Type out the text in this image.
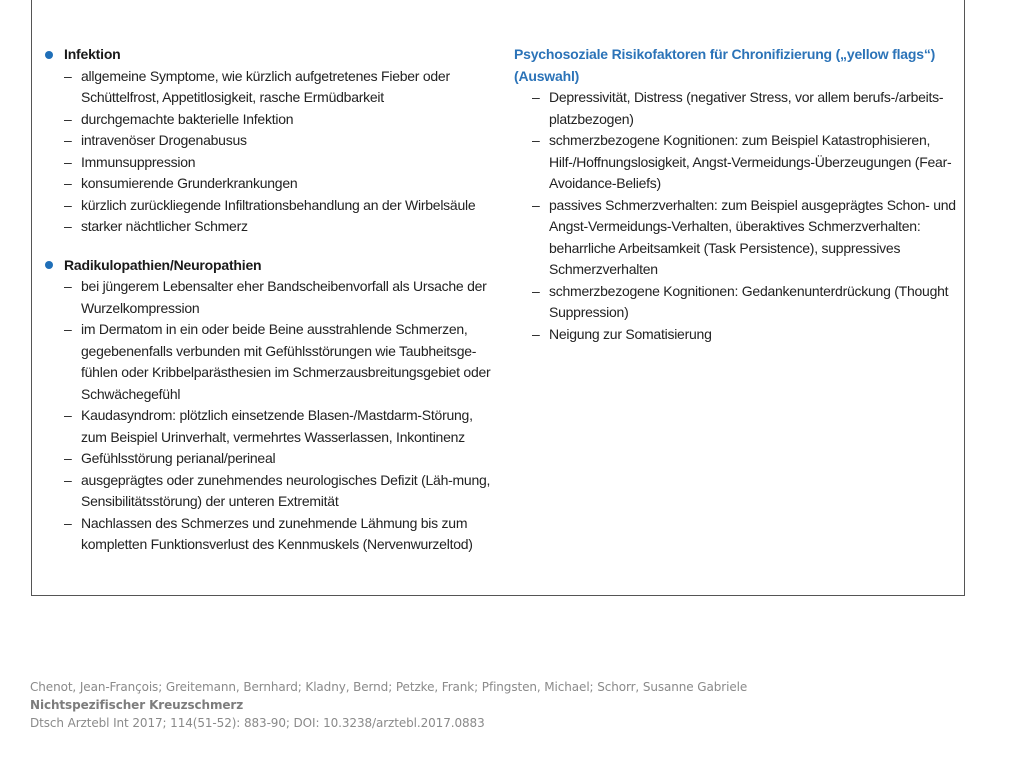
Infektion
– allgemeine Symptome, wie kürzlich aufgetretenes Fieber oder Schüttelfrost, Appetitlosigkeit, rasche Ermüdbarkeit
– durchgemachte bakterielle Infektion
– intravenöser Drogenabusus
– Immunsuppression
– konsumierende Grunderkrankungen
– kürzlich zurückliegende Infiltrationsbehandlung an der Wirbelsäule
– starker nächtlicher Schmerz
Radikulopathien/Neuropathien
– bei jüngerem Lebensalter eher Bandscheibenvorfall als Ursache der Wurzelkompression
– im Dermatom in ein oder beide Beine ausstrahlende Schmerzen, gegebenenfalls verbunden mit Gefühlsstörungen wie Taubheitsge-fühlen oder Kribbelparästhesien im Schmerzausbreitungsgebiet oder Schwächegefühl
– Kaudasyndrom: plötzlich einsetzende Blasen-/Mastdarm-Störung, zum Beispiel Urinverhalt, vermehrtes Wasserlassen, Inkontinenz
– Gefühlsstörung perianal/perineal
– ausgeprägtes oder zunehmendes neurologisches Defizit (Läh-mung, Sensibilitätsstörung) der unteren Extremität
– Nachlassen des Schmerzes und zunehmende Lähmung bis zum kompletten Funktionsverlust des Kennmuskels (Nervenwurzeltod)
Psychosoziale Risikofaktoren für Chronifizierung („yellow flags“) (Auswahl)
– Depressivität, Distress (negativer Stress, vor allem berufs-/arbeits-platzbezogen)
– schmerzbezogene Kognitionen: zum Beispiel Katastrophisieren, Hilf-/Hoffnungslosigkeit, Angst-Vermeidungs-Überzeugungen (Fear-Avoidance-Beliefs)
– passives Schmerzverhalten: zum Beispiel ausgeprägtes Schon- und Angst-Vermeidungs-Verhalten, überaktives Schmerzverhalten: beharrliche Arbeitsamkeit (Task Persistence), suppressives Schmerzverhalten
– schmerzbezogene Kognitionen: Gedankenunterdrückung (Thought Suppression)
– Neigung zur Somatisierung
Chenot, Jean-François; Greitemann, Bernhard; Kladny, Bernd; Petzke, Frank; Pfingsten, Michael; Schorr, Susanne Gabriele
Nichtspezifischer Kreuzschmerz
Dtsch Arztebl Int 2017; 114(51-52): 883-90; DOI: 10.3238/arztebl.2017.0883
